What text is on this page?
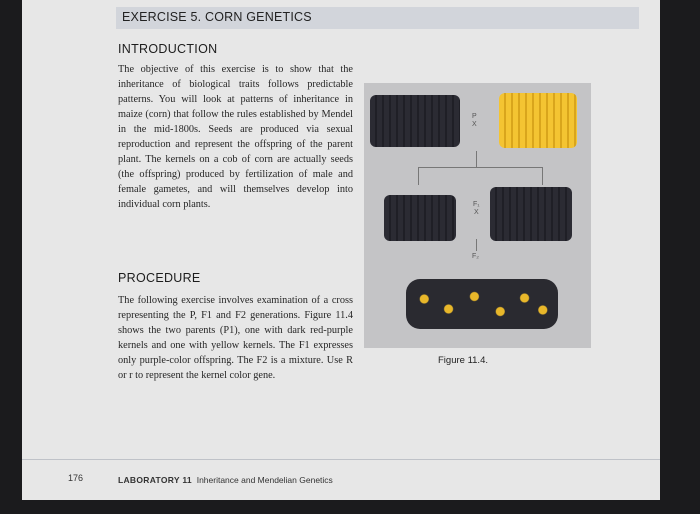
EXERCISE 5. CORN GENETICS
INTRODUCTION
The objective of this exercise is to show that the inheritance of biological traits follows predictable patterns. You will look at patterns of inheritance in maize (corn) that follow the rules established by Mendel in the mid-1800s. Seeds are produced via sexual reproduction and represent the offspring of the parent plant. The kernels on a cob of corn are actually seeds (the offspring) produced by fertilization of male and female gametes, and will themselves develop into individual corn plants.
PROCEDURE
The following exercise involves examination of a cross representing the P, F1 and F2 generations. Figure 11.4 shows the two parents (P1), one with dark red-purple kernels and one with yellow kernels. The F1 expresses only purple-color offspring. The F2 is a mixture. Use R or r to represent the kernel color gene.
P
X
F₁
X
F₂
Figure 11.4.
176	LABORATORY 11 Inheritance and Mendelian Genetics
